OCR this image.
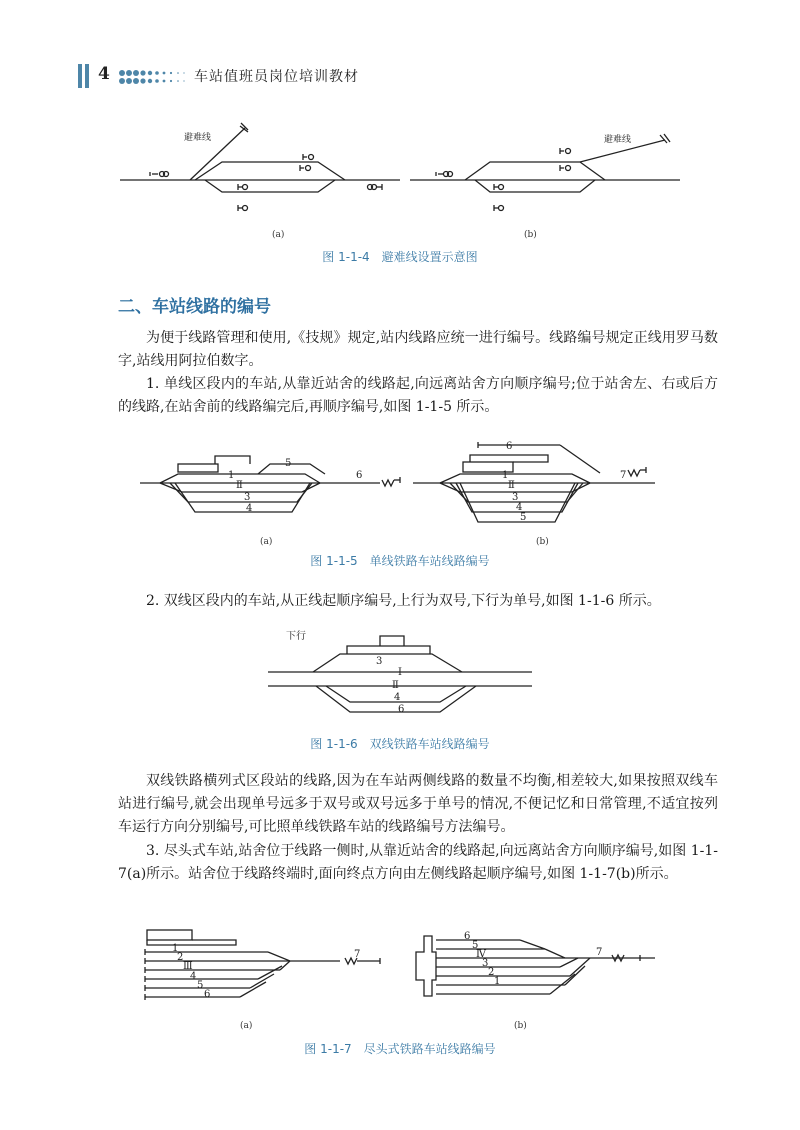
4	车站值班员岗位培训教材
避难线	避难线
(a)	(b)
图 1-1-4　避难线设置示意图
二、车站线路的编号

为便于线路管理和使用,《技规》规定,站内线路应统一进行编号。线路编号规定正线用罗马数字,站线用阿拉伯数字。

1. 单线区段内的车站,从靠近站舍的线路起,向远离站舍方向顺序编号;位于站舍左、右或后方的线路,在站舍前的线路编完后,再顺序编号,如图 1-1-5 所示。

1
Ⅱ
3
4
5
6
6
1
Ⅱ
3
4
5
7
(a)	(b)
图 1-1-5　单线铁路车站线路编号

2. 双线区段内的车站,从正线起顺序编号,上行为双号,下行为单号,如图 1-1-6 所示。

下行
3
Ⅰ
Ⅱ
4
6
图 1-1-6　双线铁路车站线路编号

双线铁路横列式区段站的线路,因为在车站两侧线路的数量不均衡,相差较大,如果按照双线车站进行编号,就会出现单号远多于双号或双号远多于单号的情况,不便记忆和日常管理,不适宜按列车运行方向分别编号,可比照单线铁路车站的线路编号方法编号。

3. 尽头式车站,站舍位于线路一侧时,从靠近站舍的线路起,向远离站舍方向顺序编号,如图 1-1-7(a)所示。站舍位于线路终端时,面向终点方向由左侧线路起顺序编号,如图 1-1-7(b)所示。

1
2
Ⅲ
4
5
6
7
6
5
Ⅳ
3
2
1
7
(a)	(b)
图 1-1-7　尽头式铁路车站线路编号
